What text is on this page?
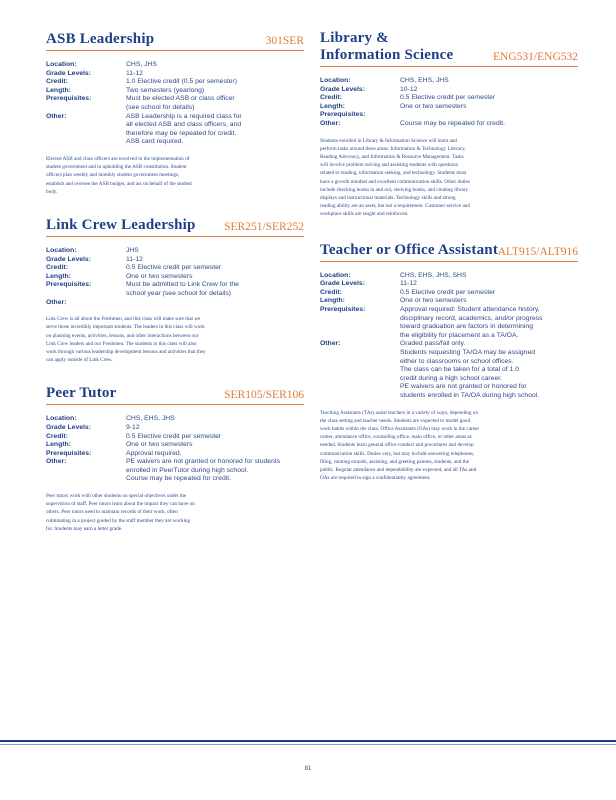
ASB Leadership	301SER
Location:	CHS, JHS
Grade Levels:	11-12
Credit:	1.0 Elective credit (0.5 per semester)
Length:	Two semesters (yearlong)
Prerequisites:	Must be elected ASB or class officer
(see school for details)
Other:	ASB Leadership is a required class for
all elected ASB and class officers, and
therefore may be repeated for credit.
ASB card required.

Elected ASB and class officers are involved in the implementation of student government and in upholding the ASB constitution. Student officers plan weekly and monthly student government meetings, establish and oversee the ASB budget, and act on behalf of the student body.

Link Crew Leadership SER251/SER252
Location:	JHS
Grade Levels:	11-12
Credit:	0.5 Elective credit per semester
Length:	One or two semesters
Prerequisites:	Must be admitted to Link Crew for the
school year (see school for details)
Other:

Link Crew is all about the Freshmen, and this class will make sure that we serve those incredibly important students. The leaders in this class will work on planning events, activities, lessons, and other interactions between our Link Crew leaders and our Freshmen. The students in this class will also work through various leadership development lessons and activities that they can apply outside of Link Crew.

Peer Tutor	SER105/SER106
Location:	CHS, EHS, JHS
Grade Levels:	9-12
Credit:	0.5 Elective credit per semester
Length:	One or two semesters
Prerequisites:	Approval required.
Other:	PE waivers are not granted or honored for students
enrolled in PeerTutor during high school.
Course may be repeated for credit.

Peer tutors work with other students on special objectives under the supervision of staff. Peer tutors learn about the impact they can have on others. Peer tutors need to maintain records of their work, often culminating in a project guided by the staff member they are working for. Students may earn a letter grade.

Library &
Information Science	ENG531/ENG532
Location:	CHS, EHS, JHS
Grade Levels:	10-12
Credit:	0.5 Elective credit per semester
Length:	One or two semesters
Prerequisites:
Other:	Course may be repeated for credit.

Students enrolled in Library & Information Science will learn and perform tasks around three areas: Information & Technology Literacy, Reading Advocacy, and Information & Resource Management. Tasks will involve problem solving and assisting students with questions related to reading, information seeking, and technology. Students must have a growth mindset and excellent communication skills. Other duties include checking books in and out, shelving books, and creating library displays and instructional materials. Technology skills and strong reading ability are an asset, but not a requirement. Customer service and workplace skills are taught and reinforced.

Teacher or Office Assistant ALT915/ALT916
Location:	CHS, EHS, JHS, SHS
Grade Levels:	11-12
Credit:	0.5 Elective credit per semester
Length:	One or two semesters
Prerequisites:	Approval required: Student attendance history,
disciplinary record, academics, and/or progress
toward graduation are factors in determining
the eligibility for placement as a TA/OA.
Other:	Graded pass/fail only.
Students requesting TA/OA may be assigned
either to classrooms or school offices.
The class can be taken for a total of 1.0
credit during a high school career.
PE waivers are not granted or honored for
students enrolled in TA/OA during high school.

Teaching Assistants (TAs) assist teachers in a variety of ways, depending on the class setting and teacher needs. Students are expected to model good work habits within the class. Office Assistants (OAs) may work in the career center, attendance office, counseling office, main office, or other areas as needed. Students learn general office conduct and procedures and develop communication skills. Duties vary, but may include answering telephones, filing, running errands, assisting, and greeting parents, students, and the public. Regular attendance and dependability are expected, and all TAs and OAs are required to sign a confidentiality agreement.

81
